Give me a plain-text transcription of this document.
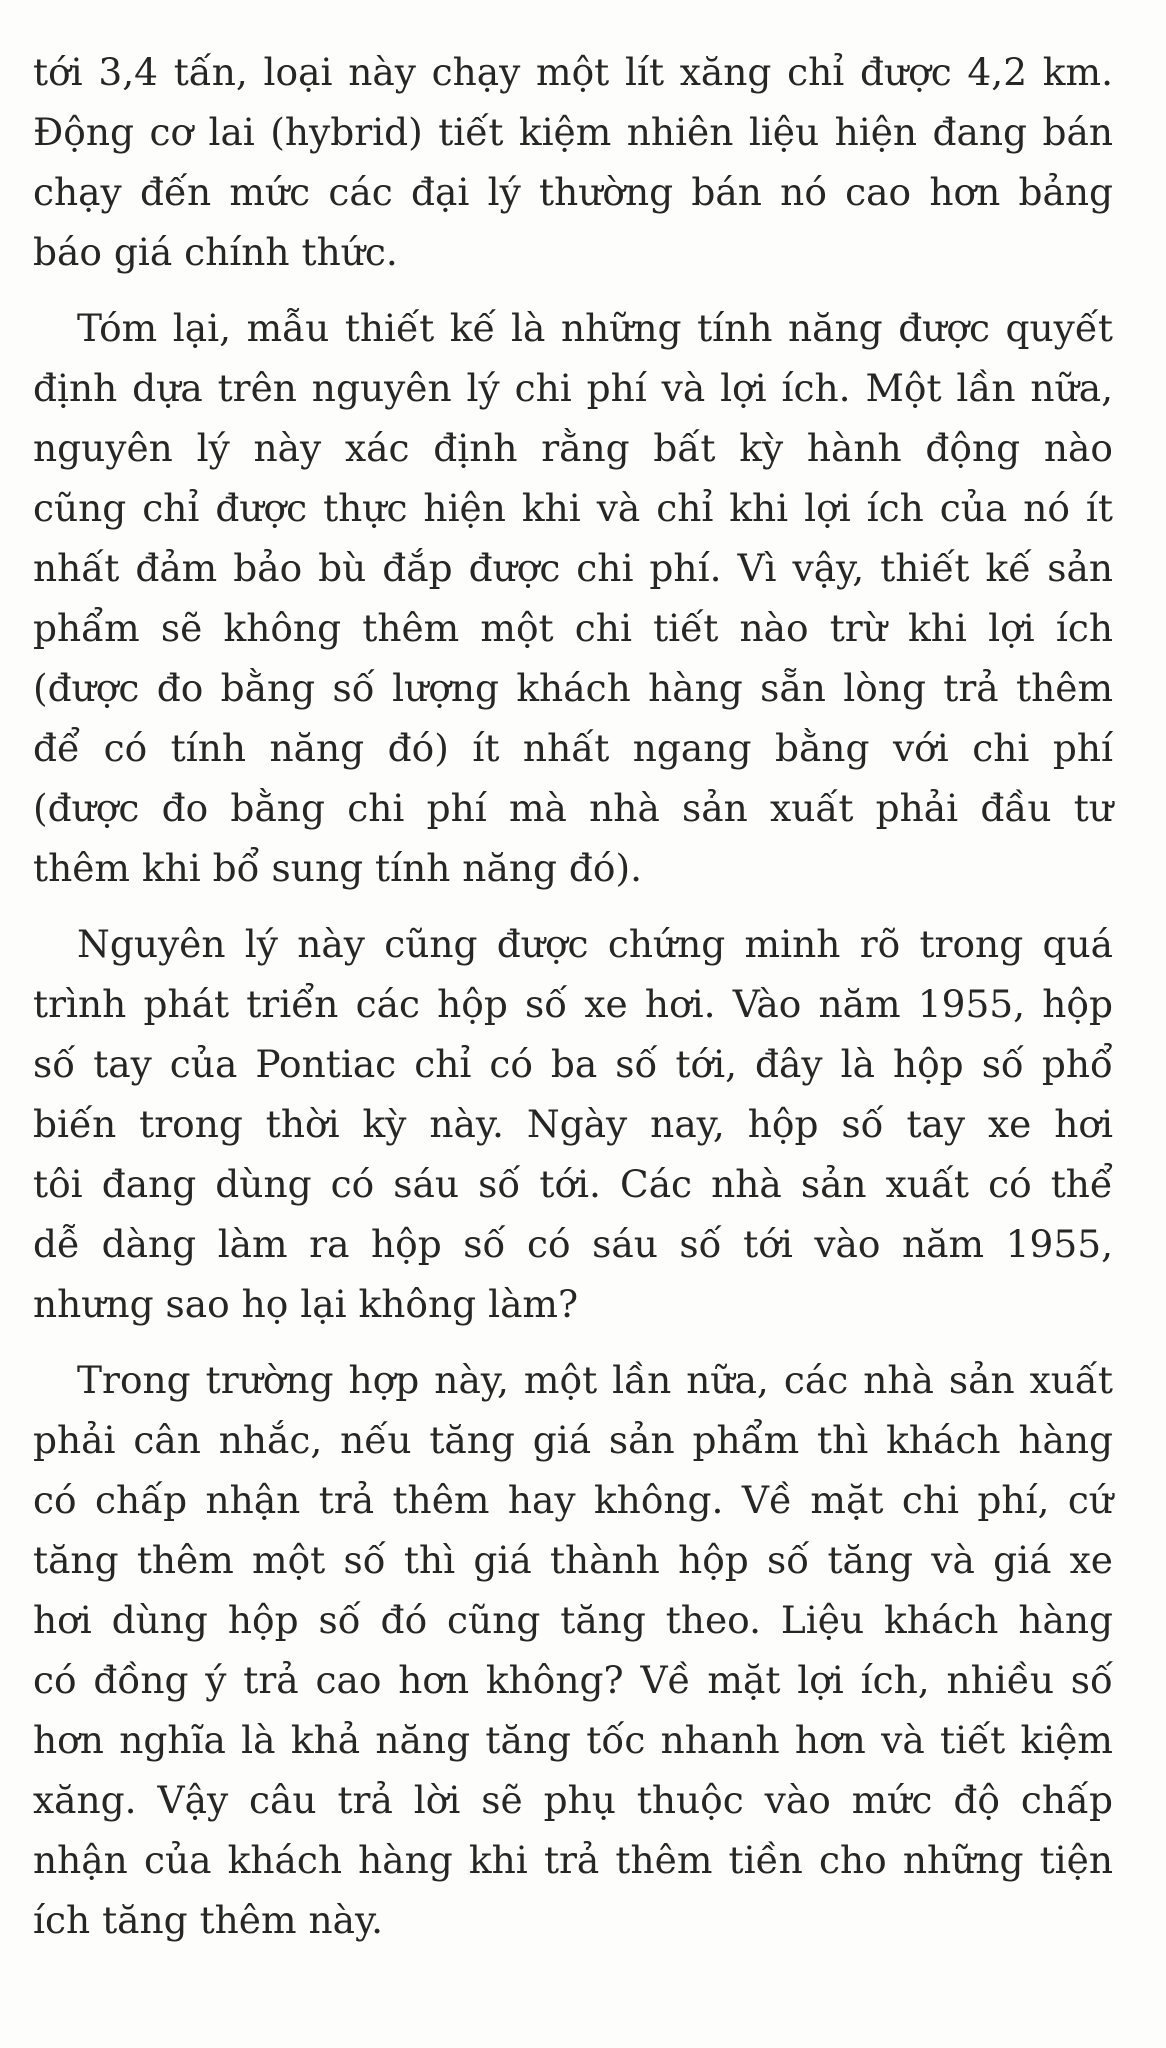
tới 3,4 tấn, loại này chạy một lít xăng chỉ được 4,2 km.
Động cơ lai (hybrid) tiết kiệm nhiên liệu hiện đang bán
chạy đến mức các đại lý thường bán nó cao hơn bảng
báo giá chính thức.

Tóm lại, mẫu thiết kế là những tính năng được quyết
định dựa trên nguyên lý chi phí và lợi ích. Một lần nữa,
nguyên lý này xác định rằng bất kỳ hành động nào
cũng chỉ được thực hiện khi và chỉ khi lợi ích của nó ít
nhất đảm bảo bù đắp được chi phí. Vì vậy, thiết kế sản
phẩm sẽ không thêm một chi tiết nào trừ khi lợi ích
(được đo bằng số lượng khách hàng sẵn lòng trả thêm
để có tính năng đó) ít nhất ngang bằng với chi phí
(được đo bằng chi phí mà nhà sản xuất phải đầu tư
thêm khi bổ sung tính năng đó).

Nguyên lý này cũng được chứng minh rõ trong quá
trình phát triển các hộp số xe hơi. Vào năm 1955, hộp
số tay của Pontiac chỉ có ba số tới, đây là hộp số phổ
biến trong thời kỳ này. Ngày nay, hộp số tay xe hơi
tôi đang dùng có sáu số tới. Các nhà sản xuất có thể
dễ dàng làm ra hộp số có sáu số tới vào năm 1955,
nhưng sao họ lại không làm?

Trong trường hợp này, một lần nữa, các nhà sản xuất
phải cân nhắc, nếu tăng giá sản phẩm thì khách hàng
có chấp nhận trả thêm hay không. Về mặt chi phí, cứ
tăng thêm một số thì giá thành hộp số tăng và giá xe
hơi dùng hộp số đó cũng tăng theo. Liệu khách hàng
có đồng ý trả cao hơn không? Về mặt lợi ích, nhiều số
hơn nghĩa là khả năng tăng tốc nhanh hơn và tiết kiệm
xăng. Vậy câu trả lời sẽ phụ thuộc vào mức độ chấp
nhận của khách hàng khi trả thêm tiền cho những tiện
ích tăng thêm này.
